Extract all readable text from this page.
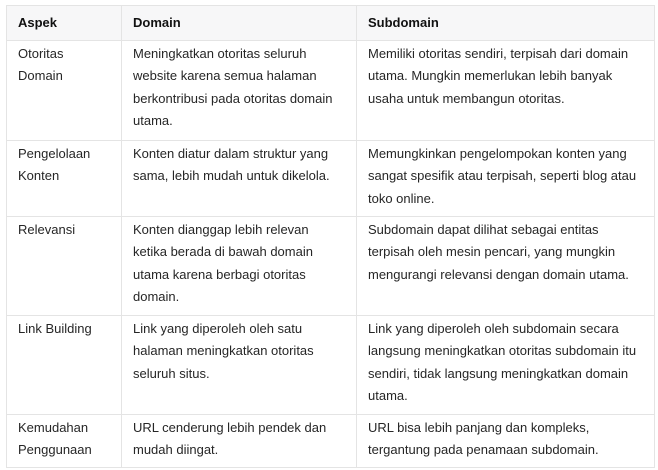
Aspek	Domain	Subdomain
Otoritas Domain	Meningkatkan otoritas seluruh website karena semua halaman berkontribusi pada otoritas domain utama.	Memiliki otoritas sendiri, terpisah dari domain utama. Mungkin memerlukan lebih banyak usaha untuk membangun otoritas.
Pengelolaan Konten	Konten diatur dalam struktur yang sama, lebih mudah untuk dikelola.	Memungkinkan pengelompokan konten yang sangat spesifik atau terpisah, seperti blog atau toko online.
Relevansi	Konten dianggap lebih relevan ketika berada di bawah domain utama karena berbagi otoritas domain.	Subdomain dapat dilihat sebagai entitas terpisah oleh mesin pencari, yang mungkin mengurangi relevansi dengan domain utama.
Link Building	Link yang diperoleh oleh satu halaman meningkatkan otoritas seluruh situs.	Link yang diperoleh oleh subdomain secara langsung meningkatkan otoritas subdomain itu sendiri, tidak langsung meningkatkan domain utama.
Kemudahan Penggunaan	URL cenderung lebih pendek dan mudah diingat.	URL bisa lebih panjang dan kompleks, tergantung pada penamaan subdomain.
